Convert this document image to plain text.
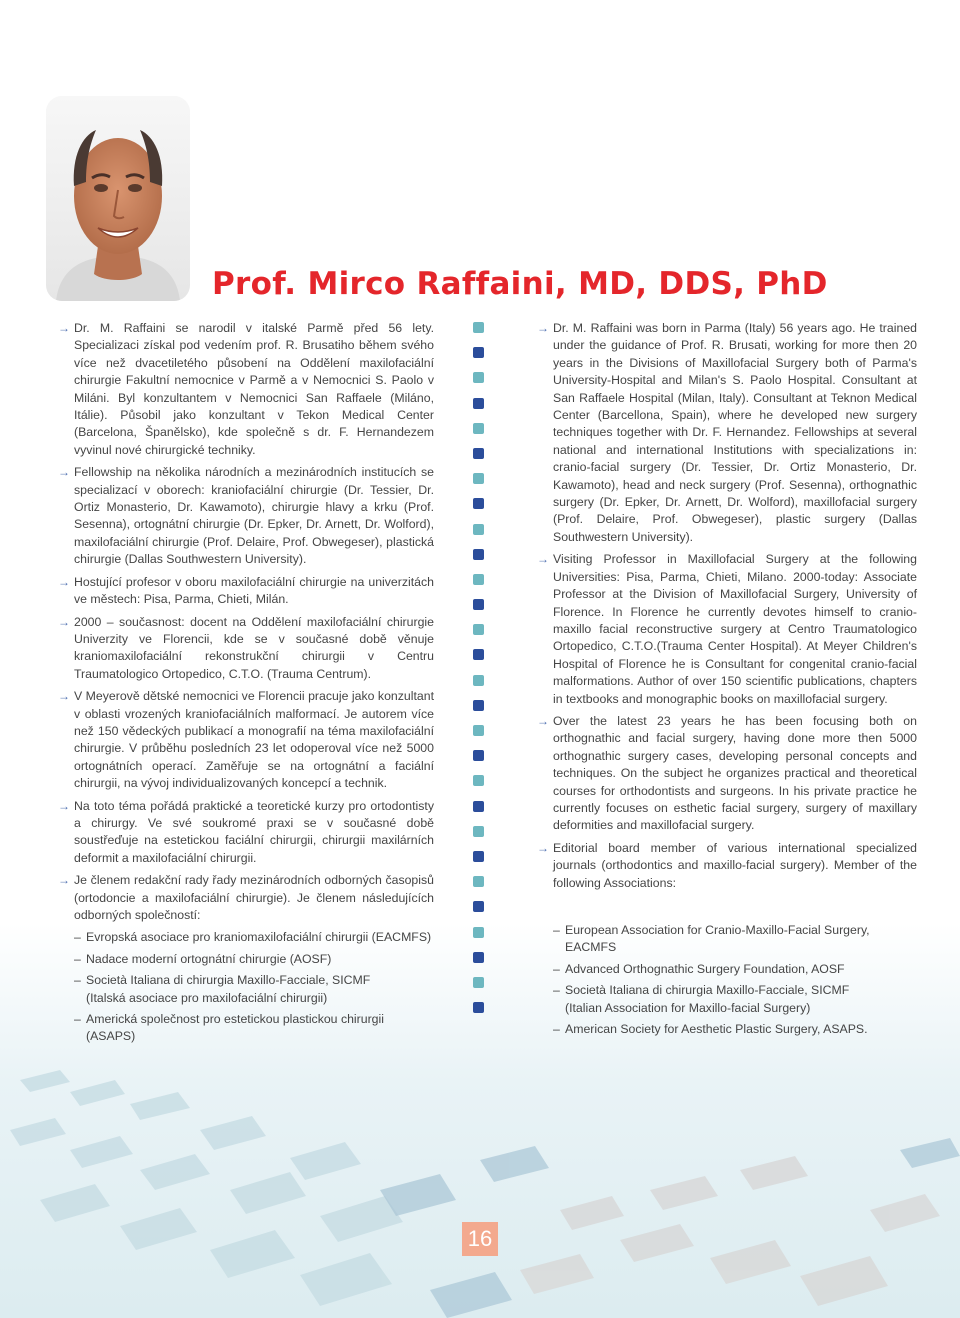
Prof. Mirco Raffaini, MD, DDS, PhD

→ Dr. M. Raffaini se narodil v italské Parmě před 56 lety. Specializaci získal pod vedením prof. R. Brusatiho během svého více než dvacetiletého působení na Oddělení maxilofaciální chirurgie Fakultní nemocnice v Parmě a v Nemocnici S. Paolo v Miláni. Byl konzultantem v Nemocnici San Raffaele (Miláno, Itálie). Působil jako konzultant v Tekon Medical Center (Barcelona, Španělsko), kde společně s dr. F. Hernandezem vyvinul nové chirurgické techniky.

→ Fellowship na několika národních a mezinárodních institucích se specializací v oborech: kraniofaciální chirurgie (Dr. Tessier, Dr. Ortiz Monasterio, Dr. Kawamoto), chirurgie hlavy a krku (Prof. Sesenna), ortognátní chirurgie (Dr. Epker, Dr. Arnett, Dr. Wolford), maxilofaciální chirurgie (Prof. Delaire, Prof. Obwegeser), plastická chirurgie (Dallas Southwestern University).

→ Hostující profesor v oboru maxilofaciální chirurgie na univerzitách ve městech: Pisa, Parma, Chieti, Milán.

→ 2000 – současnost: docent na Oddělení maxilofaciální chirurgie Univerzity ve Florencii, kde se v současné době věnuje kraniomaxilofaciální rekonstrukční chirurgii v Centru Traumatologico Ortopedico, C.T.O. (Trauma Centrum).

→ V Meyerově dětské nemocnici ve Florencii pracuje jako konzultant v oblasti vrozených kraniofaciálních malformací. Je autorem více než 150 vědeckých publikací a monografií na téma maxilofaciální chirurgie. V průběhu posledních 23 let odoperoval více než 5000 ortognátních operací. Zaměřuje se na ortognátní a faciální chirurgii, na vývoj individualizovaných koncepcí a technik.

→ Na toto téma pořádá praktické a teoretické kurzy pro ortodontisty a chirurgy. Ve své soukromé praxi se v současné době soustřeďuje na estetickou faciální chirurgii, chirurgii maxilárních deformit a maxilofaciální chirurgii.

→ Je členem redakční rady řady mezinárodních odborných časopisů (ortodoncie a maxilofaciální chirurgie). Je členem následujících odborných společností:

– Evropská asociace pro kraniomaxilofaciální chirurgii (EACMFS)
– Nadace moderní ortognátní chirurgie (AOSF)
– Società Italiana di chirurgia Maxillo-Facciale, SICMF
(Italská asociace pro maxilofaciální chirurgii)
– Americká společnost pro estetickou plastickou chirurgii (ASAPS)

→ Dr. M. Raffaini was born in Parma (Italy) 56 years ago. He trained under the guidance of Prof. R. Brusati, working for more then 20 years in the Divisions of Maxillofacial Surgery both of Parma's University-Hospital and Milan's S. Paolo Hospital. Consultant at San Raffaele Hospital (Milan, Italy). Consultant at Teknon Medical Center (Barcellona, Spain), where he developed new surgery techniques together with Dr. F. Hernandez. Fellowships at several national and international Institutions with specializations in: cranio-facial surgery (Dr. Tessier, Dr. Ortiz Monasterio, Dr. Kawamoto), head and neck surgery (Prof. Sesenna), orthognathic surgery (Dr. Epker, Dr. Arnett, Dr. Wolford), maxillofacial surgery (Prof. Delaire, Prof. Obwegeser), plastic surgery (Dallas Southwestern University).

→ Visiting Professor in Maxillofacial Surgery at the following Universities: Pisa, Parma, Chieti, Milano. 2000-today: Associate Professor at the Division of Maxillofacial Surgery, University of Florence. In Florence he currently devotes himself to cranio-maxillo facial reconstructive surgery at Centro Traumatologico Ortopedico, C.T.O.(Trauma Center Hospital). At Meyer Children's Hospital of Florence he is Consultant for congenital cranio-facial malformations. Author of over 150 scientific publications, chapters in textbooks and monographic books on maxillofacial surgery.

→ Over the latest 23 years he has been focusing both on orthognathic and facial surgery, having done more then 5000 orthognathic surgery cases, developing personal concepts and techniques. On the subject he organizes practical and theoretical courses for orthodontists and surgeons. In his private practice he currently focuses on esthetic facial surgery, surgery of maxillary deformities and maxillofacial surgery.

→ Editorial board member of various international specialized journals (orthodontics and maxillo-facial surgery). Member of the following Associations:

– European Association for Cranio-Maxillo-Facial Surgery, EACMFS
– Advanced Orthognathic Surgery Foundation, AOSF
– Società Italiana di chirurgia Maxillo-Facciale, SICMF
(Italian Association for Maxillo-facial Surgery)
– American Society for Aesthetic Plastic Surgery, ASAPS.
16
